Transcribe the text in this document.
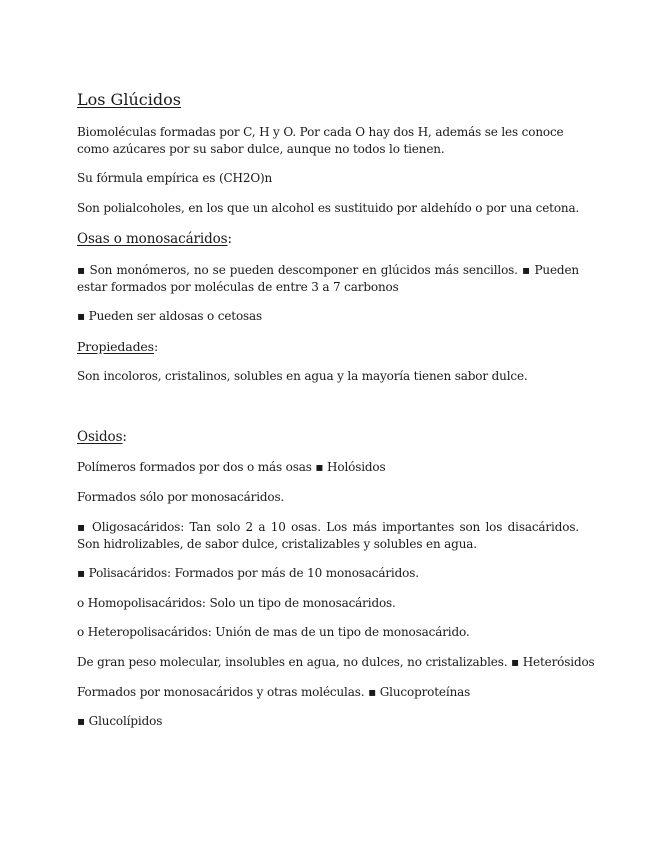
Los Glúcidos
Biomoléculas formadas por C, H y O. Por cada O hay dos H, además se les conoce como azúcares por su sabor dulce, aunque no todos lo tienen.
Su fórmula empírica es (CH2O)n
Son polialcoholes, en los que un alcohol es sustituido por aldehído o por una cetona.
Osas o monosacáridos:
▪ Son monómeros, no se pueden descomponer en glúcidos más sencillos. ▪ Pueden estar formados por moléculas de entre 3 a 7 carbonos
▪ Pueden ser aldosas o cetosas
Propiedades:
Son incoloros, cristalinos, solubles en agua y la mayoría tienen sabor dulce.
Osidos:
Polímeros formados por dos o más osas ▪ Holósidos
Formados sólo por monosacáridos.
▪ Oligosacáridos: Tan solo 2 a 10 osas. Los más importantes son los disacáridos. Son hidrolizables, de sabor dulce, cristalizables y solubles en agua.
▪ Polisacáridos: Formados por más de 10 monosacáridos.
o Homopolisacáridos: Solo un tipo de monosacáridos.
o Heteropolisacáridos: Unión de mas de un tipo de monosacárido.
De gran peso molecular, insolubles en agua, no dulces, no cristalizables. ▪ Heterósidos
Formados por monosacáridos y otras moléculas. ▪ Glucoproteínas
▪ Glucolípidos
